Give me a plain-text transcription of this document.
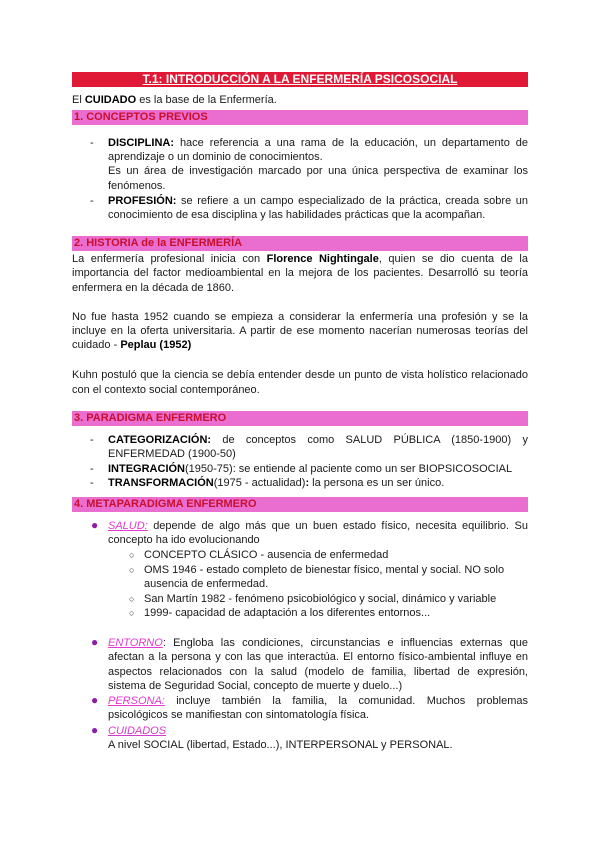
T.1: INTRODUCCIÓN A LA ENFERMERÍA PSICOSOCIAL
El CUIDADO es la base de la Enfermería.
1. CONCEPTOS PREVIOS
- DISCIPLINA: hace referencia a una rama de la educación, un departamento de
aprendizaje o un dominio de conocimientos.
Es un área de investigación marcado por una única perspectiva de examinar los
fenómenos.
- PROFESIÓN: se refiere a un campo especializado de la práctica, creada sobre un
conocimiento de esa disciplina y las habilidades prácticas que la acompañan.
2. HISTORIA de la ENFERMERÍA
La enfermería profesional inicia con Florence Nightingale, quien se dio cuenta de la
importancia del factor medioambiental en la mejora de los pacientes. Desarrolló su teoría
enfermera en la década de 1860.
No fue hasta 1952 cuando se empieza a considerar la enfermería una profesión y se la
incluye en la oferta universitaria. A partir de ese momento nacerían numerosas teorías del
cuidado - Peplau (1952)
Kuhn postuló que la ciencia se debía entender desde un punto de vista holístico relacionado
con el contexto social contemporáneo.
3. PARADIGMA ENFERMERO
- CATEGORIZACIÓN: de conceptos como SALUD PÚBLICA (1850-1900) y
ENFERMEDAD (1900-50)
- INTEGRACIÓN(1950-75): se entiende al paciente como un ser BIOPSICOSOCIAL
- TRANSFORMACIÓN(1975 - actualidad): la persona es un ser único.
4. METAPARADIGMA ENFERMERO
● SALUD: depende de algo más que un buen estado físico, necesita equilibrio. Su
concepto ha ido evolucionando
○ CONCEPTO CLÁSICO - ausencia de enfermedad
○ OMS 1946 - estado completo de bienestar físico, mental y social. NO solo
ausencia de enfermedad.
○ San Martín 1982 - fenómeno psicobiológico y social, dinámico y variable
○ 1999- capacidad de adaptación a los diferentes entornos...
● ENTORNO: Engloba las condiciones, circunstancias e influencias externas que
afectan a la persona y con las que interactúa. El entorno físico-ambiental influye en
aspectos relacionados con la salud (modelo de familia, libertad de expresión,
sistema de Seguridad Social, concepto de muerte y duelo...)
● PERSONA: incluye también la familia, la comunidad. Muchos problemas
psicológicos se manifiestan con sintomatología física.
● CUIDADOS
A nivel SOCIAL (libertad, Estado...), INTERPERSONAL y PERSONAL.
